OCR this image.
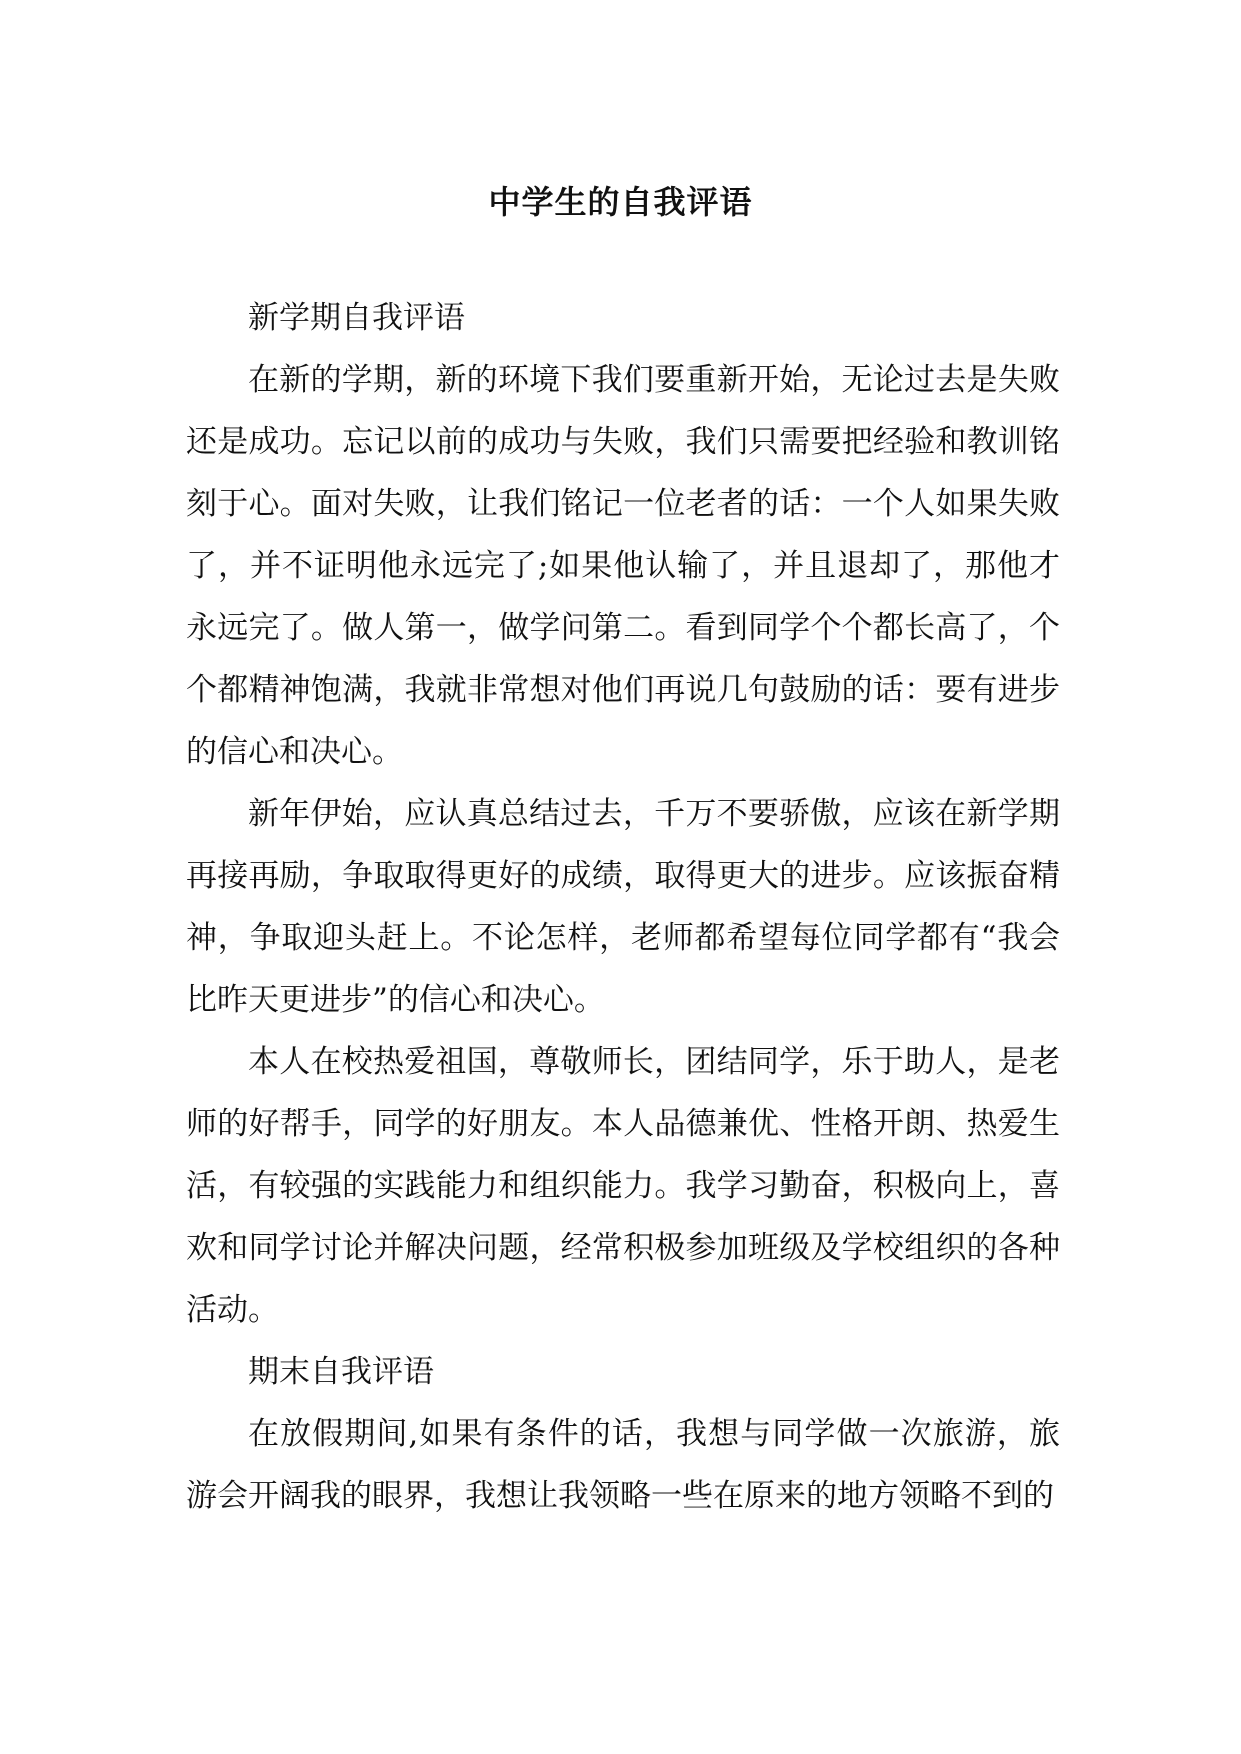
中学生的自我评语

新学期自我评语

在新的学期，新的环境下我们要重新开始，无论过去是失败还是成功。忘记以前的成功与失败，我们只需要把经验和教训铭刻于心。面对失败，让我们铭记一位老者的话：一个人如果失败了，并不证明他永远完了;如果他认输了，并且退却了，那他才永远完了。做人第一，做学问第二。看到同学个个都长高了，个个都精神饱满，我就非常想对他们再说几句鼓励的话：要有进步的信心和决心。

新年伊始，应认真总结过去，千万不要骄傲，应该在新学期再接再励，争取取得更好的成绩，取得更大的进步。应该振奋精神，争取迎头赶上。不论怎样，老师都希望每位同学都有“我会比昨天更进步”的信心和决心。

本人在校热爱祖国，尊敬师长，团结同学，乐于助人，是老师的好帮手，同学的好朋友。本人品德兼优、性格开朗、热爱生活，有较强的实践能力和组织能力。我学习勤奋，积极向上，喜欢和同学讨论并解决问题，经常积极参加班级及学校组织的各种活动。

期末自我评语

在放假期间,如果有条件的话，我想与同学做一次旅游，旅游会开阔我的眼界，我想让我领略一些在原来的地方领略不到的
